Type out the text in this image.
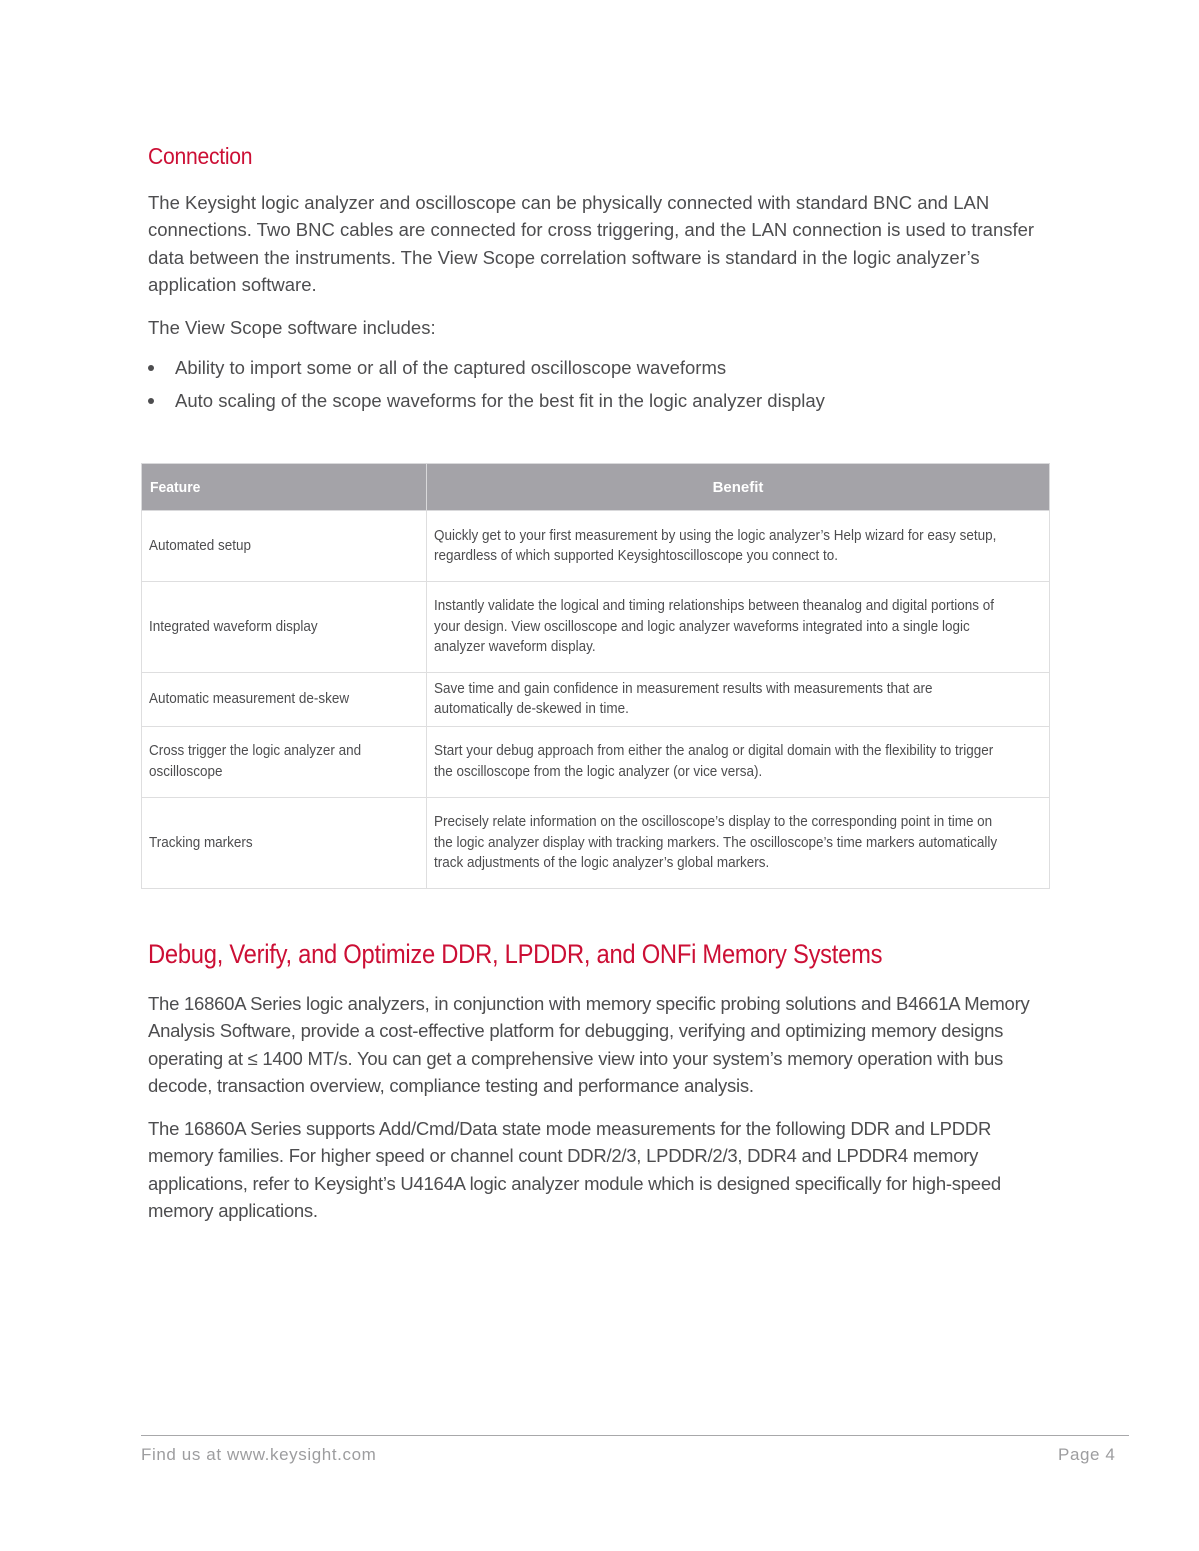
Connection

The Keysight logic analyzer and oscilloscope can be physically connected with standard BNC and LAN connections. Two BNC cables are connected for cross triggering, and the LAN connection is used to transfer data between the instruments. The View Scope correlation software is standard in the logic analyzer’s application software.

The View Scope software includes:

Ability to import some or all of the captured oscilloscope waveforms
Auto scaling of the scope waveforms for the best fit in the logic analyzer display
Feature	Benefit
Automated setup	Quickly get to your first measurement by using the logic analyzer’s Help wizard for easy setup, regardless of which supported Keysightoscilloscope you connect to.
Integrated waveform display	Instantly validate the logical and timing relationships between theanalog and digital portions of your design. View oscilloscope and logic analyzer waveforms integrated into a single logic analyzer waveform display.
Automatic measurement de-skew	Save time and gain confidence in measurement results with measurements that are automatically de-skewed in time.
Cross trigger the logic analyzer and oscilloscope	Start your debug approach from either the analog or digital domain with the flexibility to trigger the oscilloscope from the logic analyzer (or vice versa).
Tracking markers	Precisely relate information on the oscilloscope’s display to the corresponding point in time on the logic analyzer display with tracking markers. The oscilloscope’s time markers automatically track adjustments of the logic analyzer’s global markers.
Debug, Verify, and Optimize DDR, LPDDR, and ONFi Memory Systems

The 16860A Series logic analyzers, in conjunction with memory specific probing solutions and B4661A Memory Analysis Software, provide a cost-effective platform for debugging, verifying and optimizing memory designs operating at ≤ 1400 MT/s. You can get a comprehensive view into your system’s memory operation with bus decode, transaction overview, compliance testing and performance analysis.

The 16860A Series supports Add/Cmd/Data state mode measurements for the following DDR and LPDDR memory families. For higher speed or channel count DDR/2/3, LPDDR/2/3, DDR4 and LPDDR4 memory applications, refer to Keysight’s U4164A logic analyzer module which is designed specifically for high-speed memory applications.

Find us at www.keysight.com	Page 4
